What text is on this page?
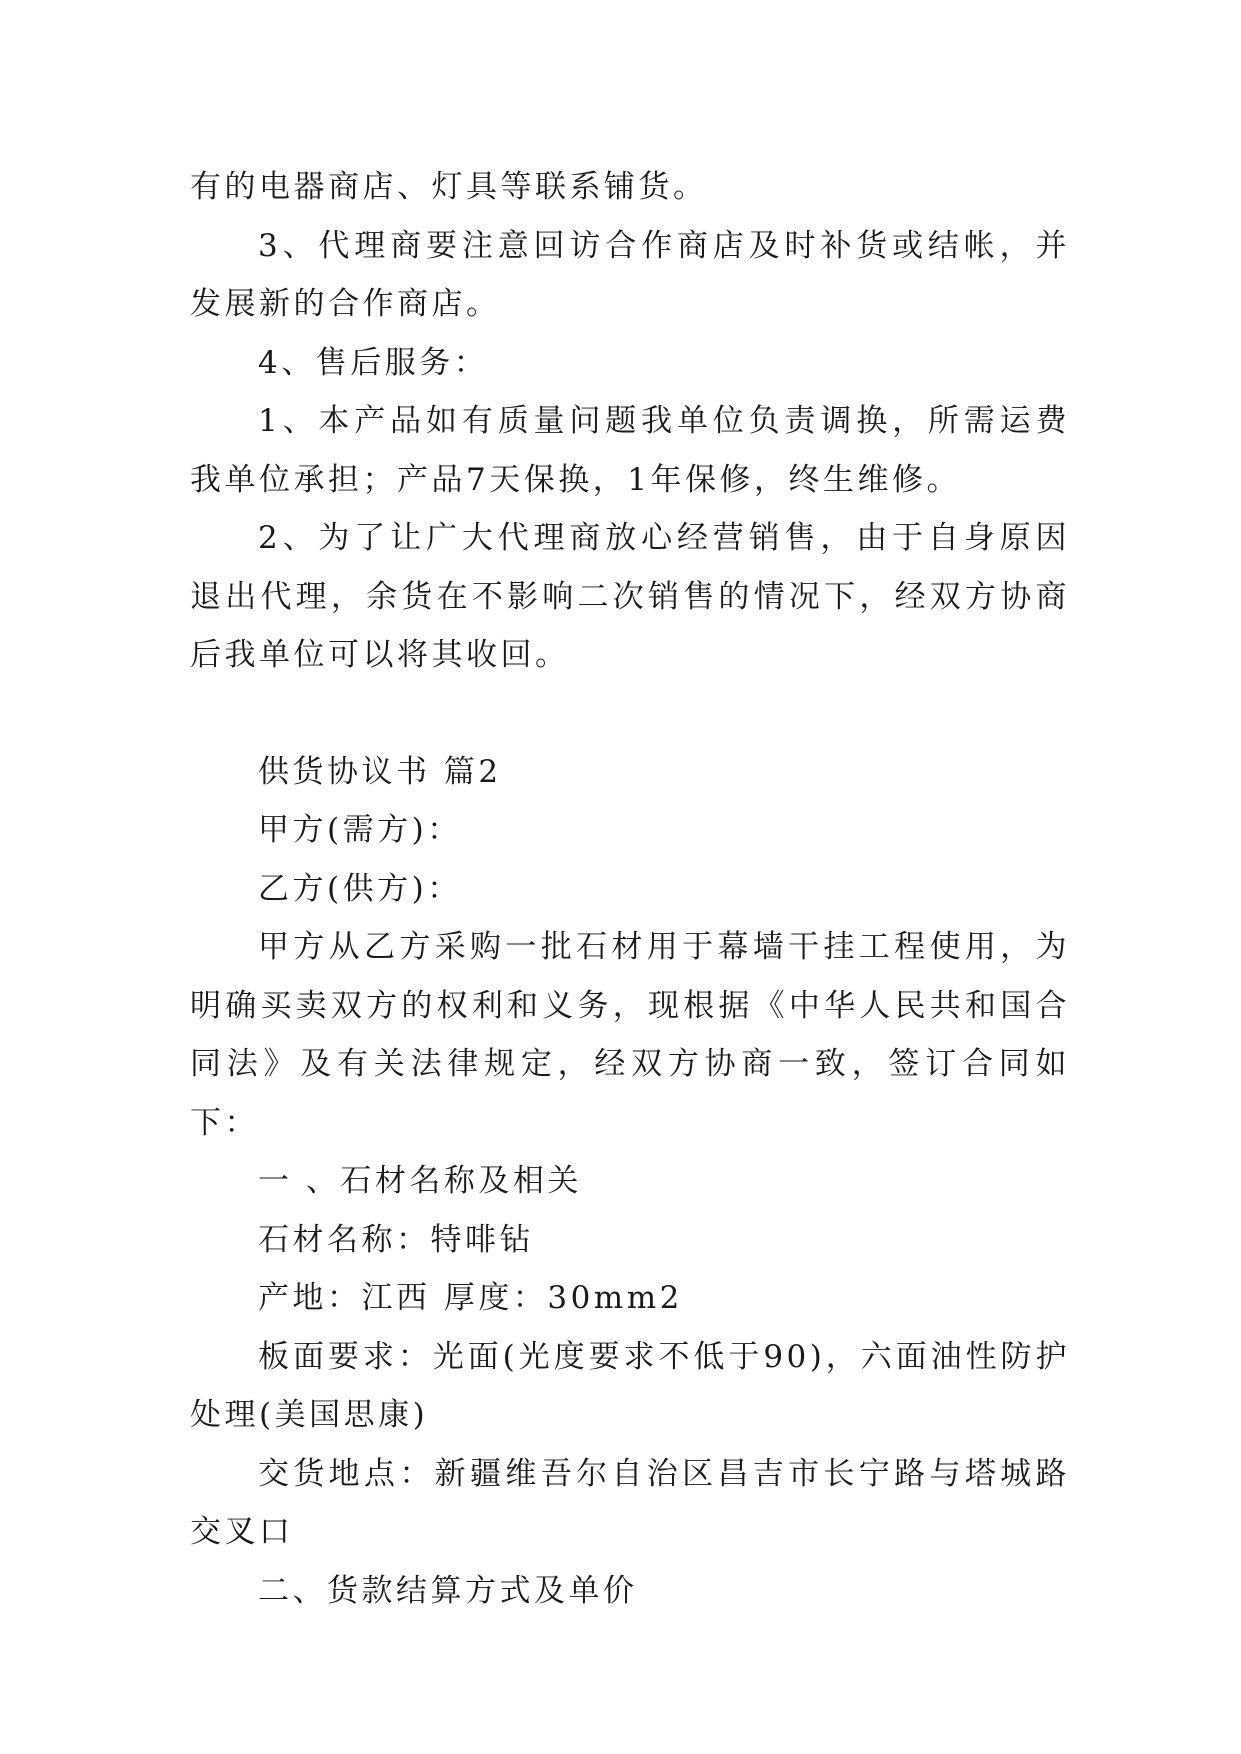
有的电器商店、灯具等联系铺货。

3、代理商要注意回访合作商店及时补货或结帐，并发展新的合作商店。

4、售后服务：

1、本产品如有质量问题我单位负责调换，所需运费我单位承担；产品7天保换，1年保修，终生维修。

2、为了让广大代理商放心经营销售，由于自身原因退出代理，余货在不影响二次销售的情况下，经双方协商后我单位可以将其收回。

供货协议书 篇2

甲方(需方)：

乙方(供方)：

甲方从乙方采购一批石材用于幕墙干挂工程使用，为明确买卖双方的权利和义务，现根据《中华人民共和国合同法》及有关法律规定，经双方协商一致，签订合同如下：

一 、石材名称及相关

石材名称：特啡钻

产地：江西 厚度：30mm2

板面要求：光面(光度要求不低于90)，六面油性防护处理(美国思康)

交货地点：新疆维吾尔自治区昌吉市长宁路与塔城路交叉口

二、货款结算方式及单价
